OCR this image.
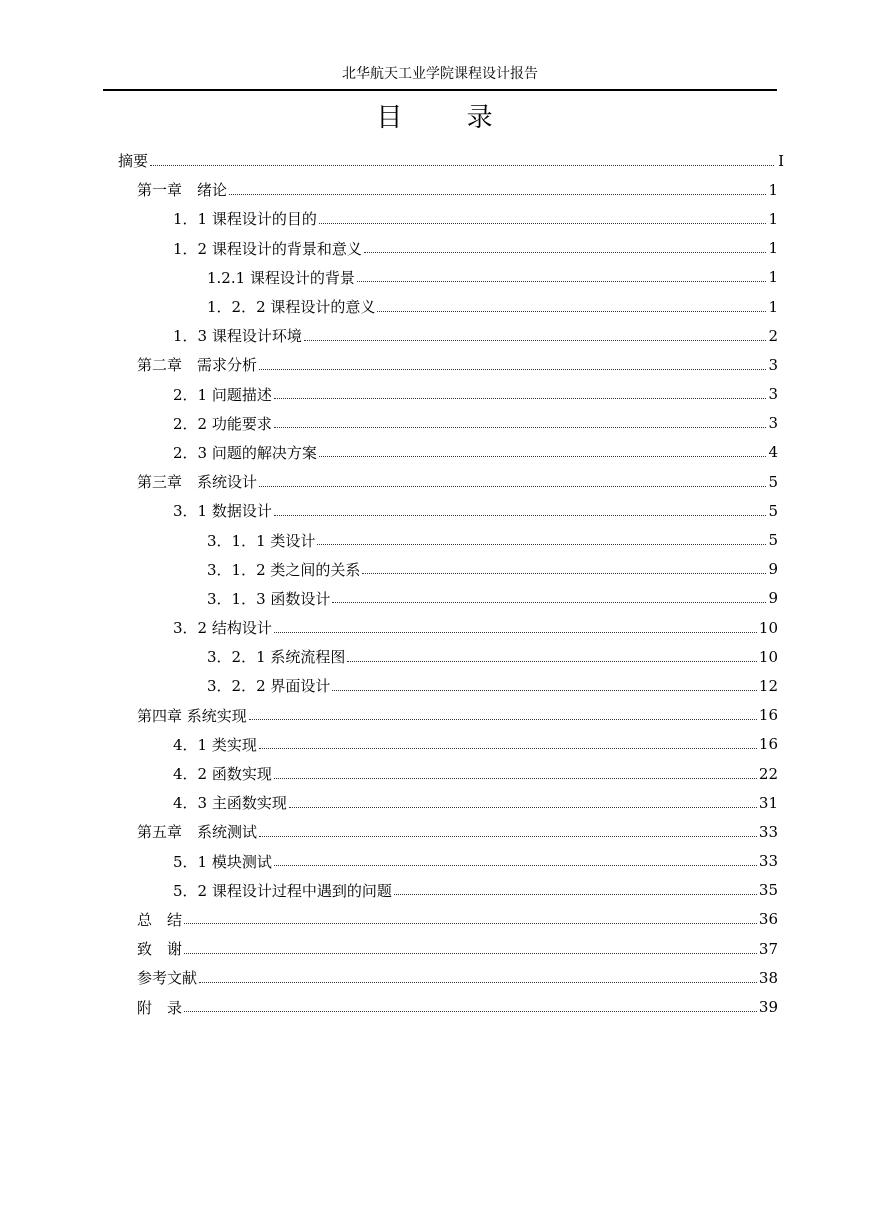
北华航天工业学院课程设计报告
目 录
摘要	I
第一章　绪论	1
1．1 课程设计的目的	1
1．2 课程设计的背景和意义	1
1.2.1 课程设计的背景	1
1．2．2 课程设计的意义	1
1．3 课程设计环境	2
第二章　需求分析	3
2．1 问题描述	3
2．2 功能要求	3
2．3 问题的解决方案	4
第三章　系统设计	5
3．1 数据设计	5
3．1．1 类设计	5
3．1．2 类之间的关系	9
3．1．3 函数设计	9
3．2 结构设计	10
3．2．1 系统流程图	10
3．2．2 界面设计	12
第四章 系统实现	16
4．1 类实现	16
4．2 函数实现	22
4．3 主函数实现	31
第五章　系统测试	33
5．1 模块测试	33
5．2 课程设计过程中遇到的问题	35
总　结	36
致　谢	37
参考文献	38
附　录	39
